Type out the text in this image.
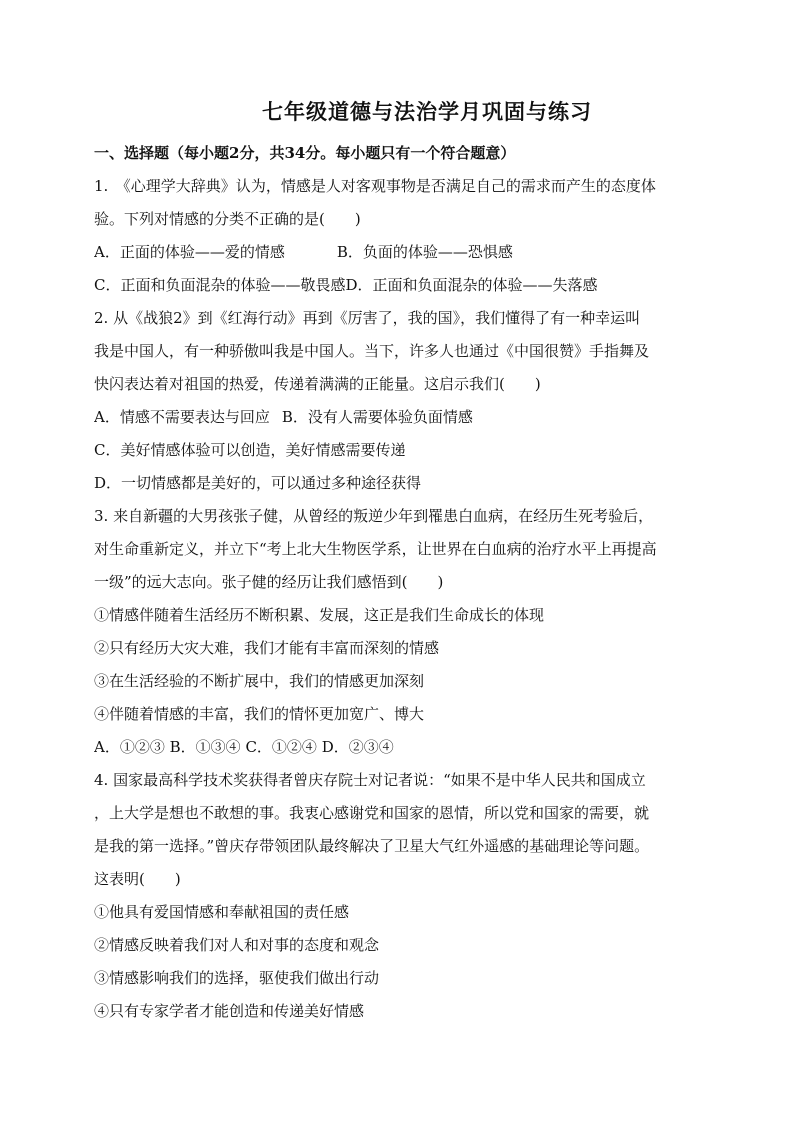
七年级道德与法治学月巩固与练习
一、选择题（每小题2分，共34分。每小题只有一个符合题意）
1.　《心理学大辞典》认为，情感是人对客观事物是否满足自己的需求而产生的态度体
验。下列对情感的分类不正确的是(　　)
A．正面的体验——爱的情感	B．负面的体验——恐惧感
C．正面和负面混杂的体验——敬畏感D．正面和负面混杂的体验——失落感
2. 从《战狼2》到《红海行动》再到《厉害了，我的国》，我们懂得了有一种幸运叫
我是中国人，有一种骄傲叫我是中国人。当下，许多人也通过《中国很赞》手指舞及
快闪表达着对祖国的热爱，传递着满满的正能量。这启示我们(　　)
A．情感不需要表达与回应 B．没有人需要体验负面情感
C．美好情感体验可以创造，美好情感需要传递
D．一切情感都是美好的，可以通过多种途径获得
3. 来自新疆的大男孩张子健，从曾经的叛逆少年到罹患白血病，在经历生死考验后，
对生命重新定义，并立下“考上北大生物医学系，让世界在白血病的治疗水平上再提高
一级”的远大志向。张子健的经历让我们感悟到(　　)
①情感伴随着生活经历不断积累、发展，这正是我们生命成长的体现
②只有经历大灾大难，我们才能有丰富而深刻的情感
③在生活经验的不断扩展中，我们的情感更加深刻
④伴随着情感的丰富，我们的情怀更加宽广、博大
A．①②③ B．①③④ C．①②④ D．②③④
4. 国家最高科学技术奖获得者曾庆存院士对记者说：“如果不是中华人民共和国成立
，上大学是想也不敢想的事。我衷心感谢党和国家的恩情，所以党和国家的需要，就
是我的第一选择。”曾庆存带领团队最终解决了卫星大气红外遥感的基础理论等问题。
这表明(　　)
①他具有爱国情感和奉献祖国的责任感
②情感反映着我们对人和对事的态度和观念
③情感影响我们的选择，驱使我们做出行动
④只有专家学者才能创造和传递美好情感
